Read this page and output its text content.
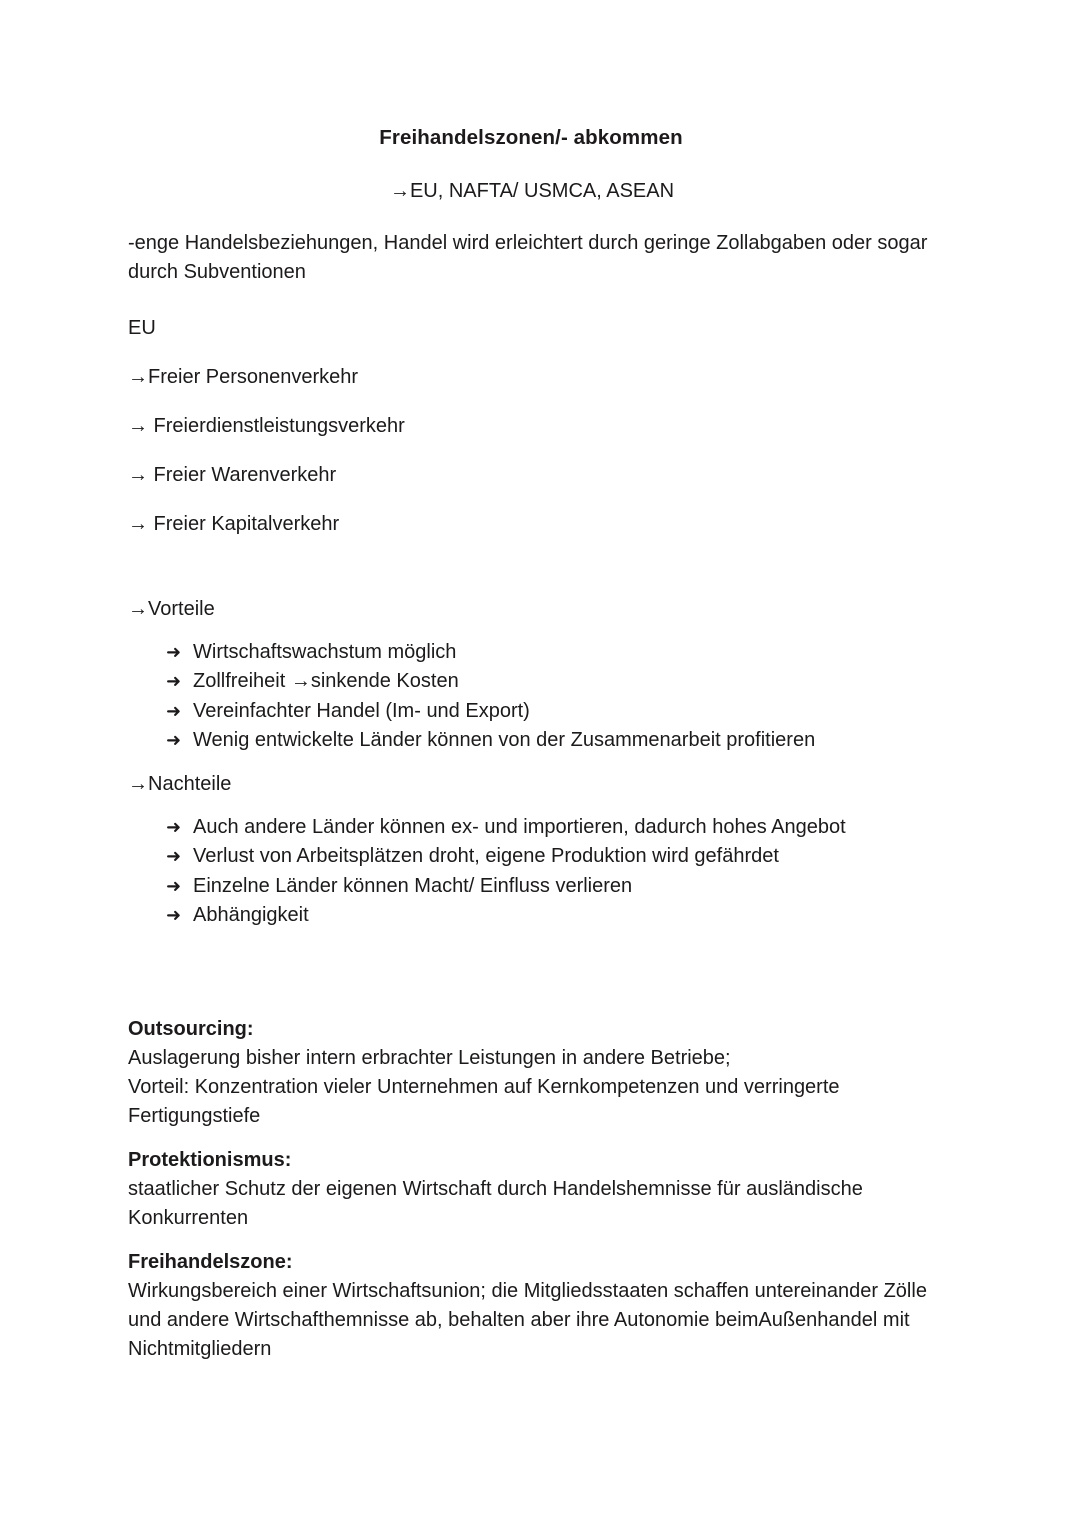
Freihandelszonen/- abkommen

→EU, NAFTA/ USMCA, ASEAN

-enge Handelsbeziehungen, Handel wird erleichtert durch geringe Zollabgaben oder sogar durch Subventionen

EU

→Freier Personenverkehr

→ Freierdienstleistungsverkehr

→ Freier Warenverkehr

→ Freier Kapitalverkehr

→Vorteile

➜ Wirtschaftswachstum möglich
➜ Zollfreiheit →sinkende Kosten
➜ Vereinfachter Handel (Im- und Export)
➜ Wenig entwickelte Länder können von der Zusammenarbeit profitieren

→Nachteile

➜ Auch andere Länder können ex- und importieren, dadurch hohes Angebot
➜ Verlust von Arbeitsplätzen droht, eigene Produktion wird gefährdet
➜ Einzelne Länder können Macht/ Einfluss verlieren
➜ Abhängigkeit

Outsourcing:

Auslagerung bisher intern erbrachter Leistungen in andere Betriebe;

Vorteil: Konzentration vieler Unternehmen auf Kernkompetenzen und verringerte Fertigungstiefe

Protektionismus:

staatlicher Schutz der eigenen Wirtschaft durch Handelshemnisse für ausländische Konkurrenten

Freihandelszone:

Wirkungsbereich einer Wirtschaftsunion; die Mitgliedsstaaten schaffen untereinander Zölle und andere Wirtschafthemnisse ab, behalten aber ihre Autonomie beimAußenhandel mit Nichtmitgliedern
